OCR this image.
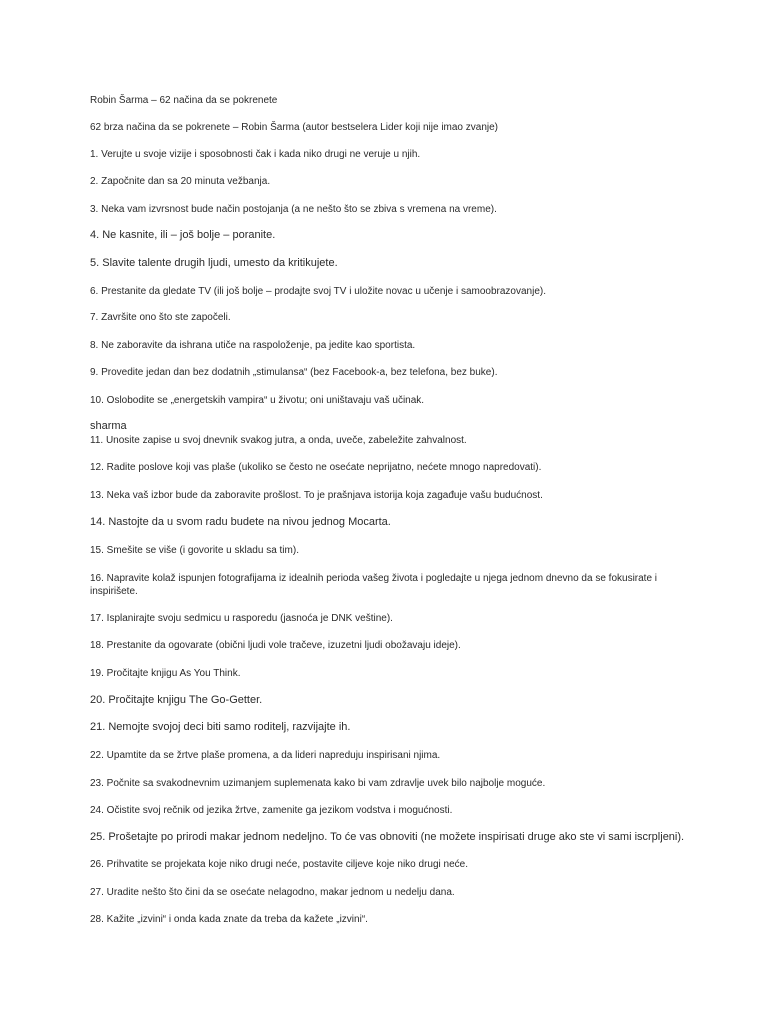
Robin Šarma – 62 načina da se pokrenete
62 brza načina da se pokrenete – Robin Šarma (autor bestselera Lider koji nije imao zvanje)
1. Verujte u svoje vizije i sposobnosti čak i kada niko drugi ne veruje u njih.
2. Započnite dan sa 20 minuta vežbanja.
3. Neka vam izvrsnost bude način postojanja (a ne nešto što se zbiva s vremena na vreme).
4. Ne kasnite, ili – još bolje – poranite.
5. Slavite talente drugih ljudi, umesto da kritikujete.
6. Prestanite da gledate TV (ili još bolje – prodajte svoj TV i uložite novac u učenje i samoobrazovanje).
7. Završite ono što ste započeli.
8. Ne zaboravite da ishrana utiče na raspoloženje, pa jedite kao sportista.
9. Provedite jedan dan bez dodatnih „stimulansa“ (bez Facebook-a, bez telefona, bez buke).
10. Oslobodite se „energetskih vampira“ u životu; oni uništavaju vaš učinak.
sharma
11. Unosite zapise u svoj dnevnik svakog jutra, a onda, uveče, zabeležite zahvalnost.
12. Radite poslove koji vas plaše (ukoliko se često ne osećate neprijatno, nećete mnogo napredovati).
13. Neka vaš izbor bude da zaboravite prošlost. To je prašnjava istorija koja zagađuje vašu budućnost.
14. Nastojte da u svom radu budete na nivou jednog Mocarta.
15. Smešite se više (i govorite u skladu sa tim).
16. Napravite kolaž ispunjen fotografijama iz idealnih perioda vašeg života i pogledajte u njega jednom dnevno da se fokusirate i inspirišete.
17. Isplanirajte svoju sedmicu u rasporedu (jasnoća je DNK veštine).
18. Prestanite da ogovarate (obični ljudi vole tračeve, izuzetni ljudi obožavaju ideje).
19. Pročitajte knjigu As You Think.
20. Pročitajte knjigu The Go-Getter.
21. Nemojte svojoj deci biti samo roditelj, razvijajte ih.
22. Upamtite da se žrtve plaše promena, a da lideri napreduju inspirisani njima.
23. Počnite sa svakodnevnim uzimanjem suplemenata kako bi vam zdravlje uvek bilo najbolje moguće.
24. Očistite svoj rečnik od jezika žrtve, zamenite ga jezikom vodstva i mogućnosti.
25. Prošetajte po prirodi makar jednom nedeljno. To će vas obnoviti (ne možete inspirisati druge ako ste vi sami iscrpljeni).
26. Prihvatite se projekata koje niko drugi neće, postavite ciljeve koje niko drugi neće.
27. Uradite nešto što čini da se osećate nelagodno, makar jednom u nedelju dana.
28. Kažite „izvini“ i onda kada znate da treba da kažete „izvini“.
